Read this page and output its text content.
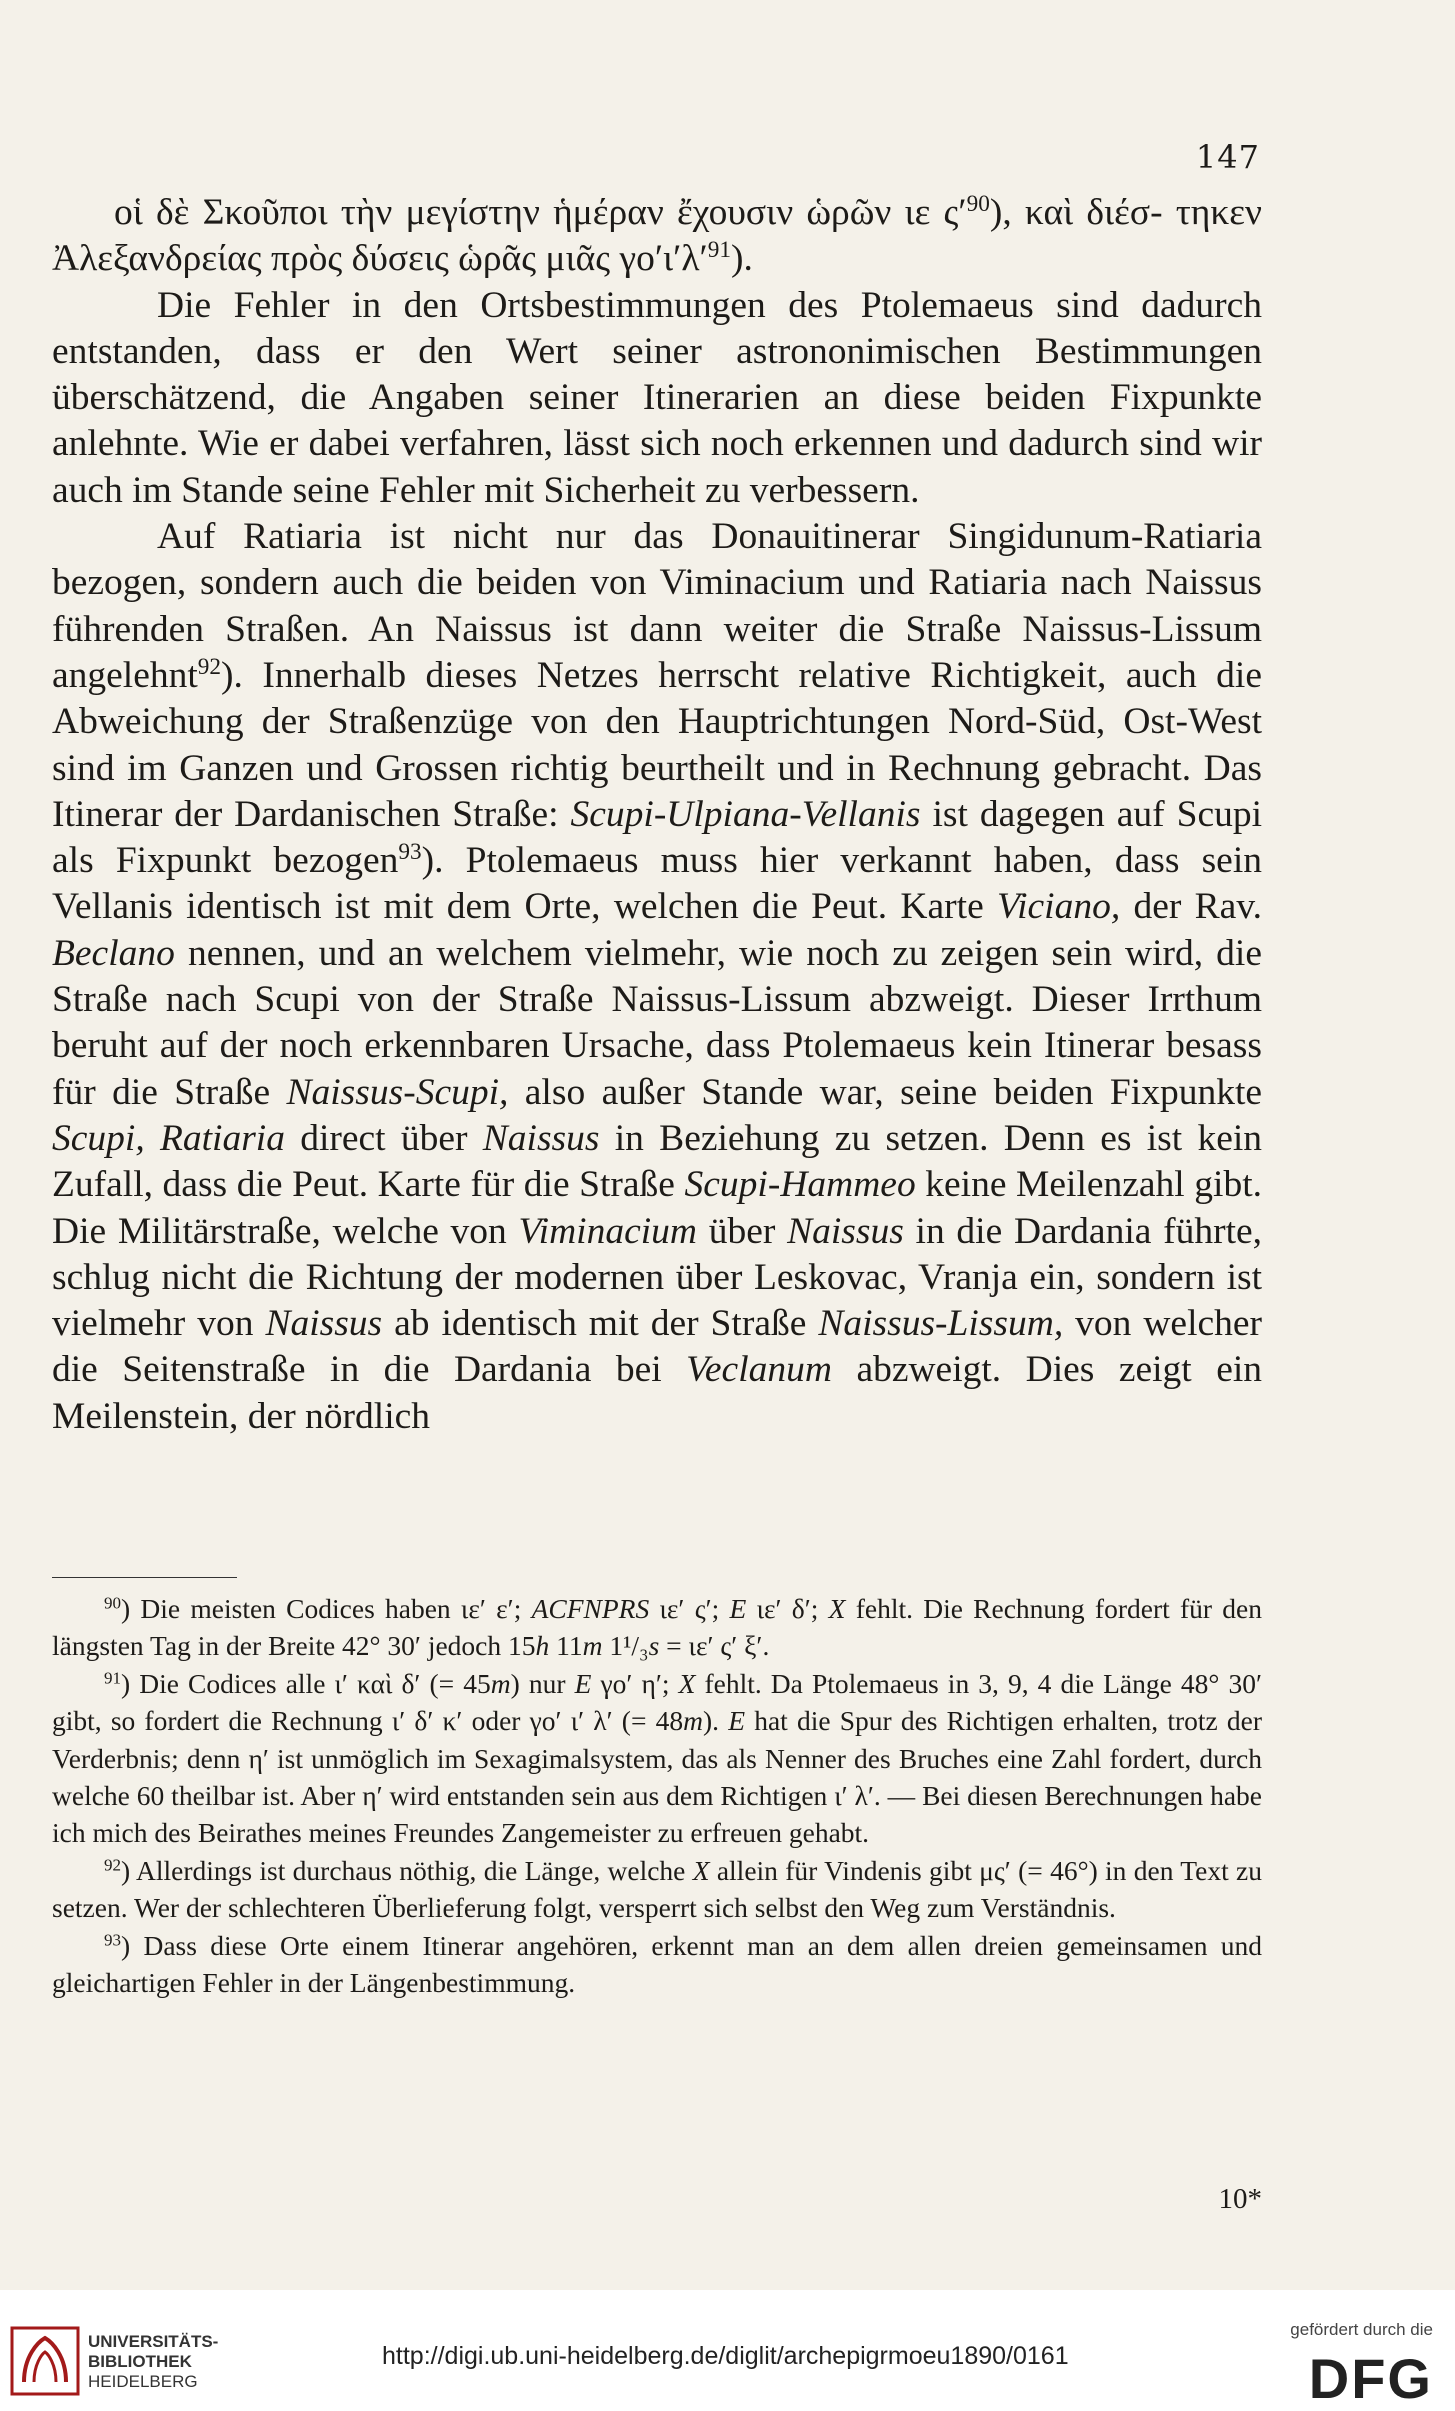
147

οἱ δὲ Σκοῦποι τὴν μεγίστην ἡμέραν ἔχουσιν ὡρῶν ιε $\varsigma'^{90}$), καὶ διέσ- τηκεν Ἀλεξανδρείας πρὸς δύσεις ὡρᾶς μιᾶς $\gamma o'\iota'\lambda'^{91}$).

Die Fehler in den Ortsbestimmungen des Ptolemaeus sind dadurch entstanden, dass er den Wert seiner astrononimischen Bestimmungen überschätzend, die Angaben seiner Itinerarien an diese beiden Fixpunkte anlehnte. Wie er dabei verfahren, lässt sich noch erkennen und dadurch sind wir auch im Stande seine Fehler mit Sicherheit zu verbessern.

Auf Ratiaria ist nicht nur das Donauitinerar Singidunum-Ratiaria bezogen, sondern auch die beiden von Viminacium und Ratiaria nach Naissus führenden Straßen. An Naissus ist dann weiter die Straße Naissus-Lissum angelehnt$^{92}$). Innerhalb dieses Netzes herrscht relative Richtigkeit, auch die Abweichung der Straßenzüge von den Hauptrichtungen Nord-Süd, Ost-West sind im Ganzen und Grossen richtig beurtheilt und in Rechnung gebracht. Das Itinerar der Dardanischen Straße: Scupi-Ulpiana-Vellanis ist dagegen auf Scupi als Fixpunkt bezogen$^{93}$). Ptolemaeus muss hier verkannt haben, dass sein Vellanis identisch ist mit dem Orte, welchen die Peut. Karte Viciano, der Rav. Beclano nennen, und an welchem vielmehr, wie noch zu zeigen sein wird, die Straße nach Scupi von der Straße Naissus-Lissum abzweigt. Dieser Irrthum beruht auf der noch erkennbaren Ursache, dass Ptolemaeus kein Itinerar besass für die Straße Naissus-Scupi, also außer Stande war, seine beiden Fixpunkte Scupi, Ratiaria direct über Naissus in Beziehung zu setzen. Denn es ist kein Zufall, dass die Peut. Karte für die Straße Scupi-Hammeo keine Meilenzahl gibt. Die Militärstraße, welche von Viminacium über Naissus in die Dardania führte, schlug nicht die Richtung der modernen über Leskovac, Vranja ein, sondern ist vielmehr von Naissus ab identisch mit der Straße Naissus-Lissum, von welcher die Seitenstraße in die Dardania bei Veclanum abzweigt. Dies zeigt ein Meilenstein, der nördlich

$^{90}$) Die meisten Codices haben ιε′ ε′; ACFNPRS ιε′ ς′; E ιε′ δ′; X fehlt. Die Rechnung fordert für den längsten Tag in der Breite 42° 30′ jedoch 15h 11m 1¹/₃s = ιε′ ς′ ξ′.

$^{91}$) Die Codices alle ι′ καὶ δ′ (= 45m) nur E γο′ η′; X fehlt. Da Ptolemaeus in 3, 9, 4 die Länge 48° 30′ gibt, so fordert die Rechnung ι′ δ′ κ′ oder γο′ ι′ λ′ (= 48m). E hat die Spur des Richtigen erhalten, trotz der Verderbnis; denn η′ ist unmöglich im Sexagimalsystem, das als Nenner des Bruches eine Zahl fordert, durch welche 60 theilbar ist. Aber η′ wird entstanden sein aus dem Richtigen ι′ λ′. — Bei diesen Berechnungen habe ich mich des Beirathes meines Freundes Zangemeister zu erfreuen gehabt.

$^{92}$) Allerdings ist durchaus nöthig, die Länge, welche X allein für Vindenis gibt μς′ (= 46°) in den Text zu setzen. Wer der schlechteren Überlieferung folgt, versperrt sich selbst den Weg zum Verständnis.

$^{93}$) Dass diese Orte einem Itinerar angehören, erkennt man an dem allen dreien gemeinsamen und gleichartigen Fehler in der Längenbestimmung.

10*
UNIVERSITÄTS-
BIBLIOTHEK
HEIDELBERG
http://digi.ub.uni-heidelberg.de/diglit/archepigrmoeu1890/0161
gefördert durch die
DFG
